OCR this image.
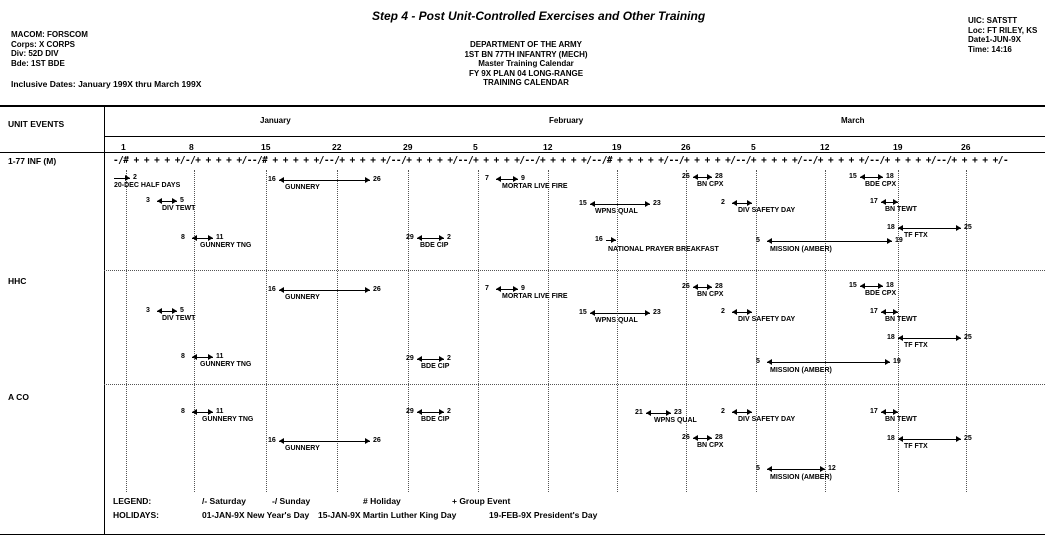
Step 4 - Post Unit-Controlled Exercises and Other Training
MACOM: FORSCOM
Corps: X CORPS
Div: 52D DIV
Bde: 1ST BDE
Inclusive Dates: January 199X thru March 199X
DEPARTMENT OF THE ARMY
1ST BN 77TH INFANTRY (MECH)
Master Training Calendar
FY 9X PLAN 04 LONG-RANGE
TRAINING CALENDAR
UIC: SATSTT
Loc: FT RILEY, KS
Date1-JUN-9X
Time: 14:16
UNIT EVENTS	January	February	March
1	8	15	22	29	5	12	19	26	5	12	19	26
-/# + + + + +/-/+ + + + +/--/# + + + + +/--/+ + + + +/--/+ + + + +/--/+ + + + +/--/+ + + + +/--/# + + + + +/--/+ + + + +/--/+ + + + +/--/+ + + + +/--/+ + + + +/--/+ + + + +/-
1-77 INF (M)
HHC
A CO
2
20-DEC HALF DAYS
3	5
DIV TEWT
8	11
GUNNERY TNG
16	26
GUNNERY
29	2
BDE CIP
7	9
MORTAR LIVE FIRE
15	23
WPNS QUAL
16
NATIONAL PRAYER BREAKFAST
26	28
BN CPX
2
DIV SAFETY DAY
5	19
MISSION (AMBER)
15	18
BDE CPX
17
BN TEWT
18	25
TF FTX
3	5
DIV TEWT
8	11
GUNNERY TNG
16	26
GUNNERY
29	2
BDE CIP
7	9
MORTAR LIVE FIRE
15	23
WPNS QUAL
26	28
BN CPX
2
DIV SAFETY DAY
5	19
MISSION (AMBER)
15	18
BDE CPX
17
BN TEWT
18	25
TF FTX
8	11
GUNNERY TNG
16	26
GUNNERY
29	2
BDE CIP
21	23
WPNS QUAL
26	28
BN CPX
2
DIV SAFETY DAY
5	12
MISSION (AMBER)
17
BN TEWT
18	25
TF FTX
LEGEND:	/- Saturday	-/ Sunday	# Holiday	+ Group Event
HOLIDAYS:	01-JAN-9X New Year's Day 15-JAN-9X Martin Luther King Day	19-FEB-9X President's Day
